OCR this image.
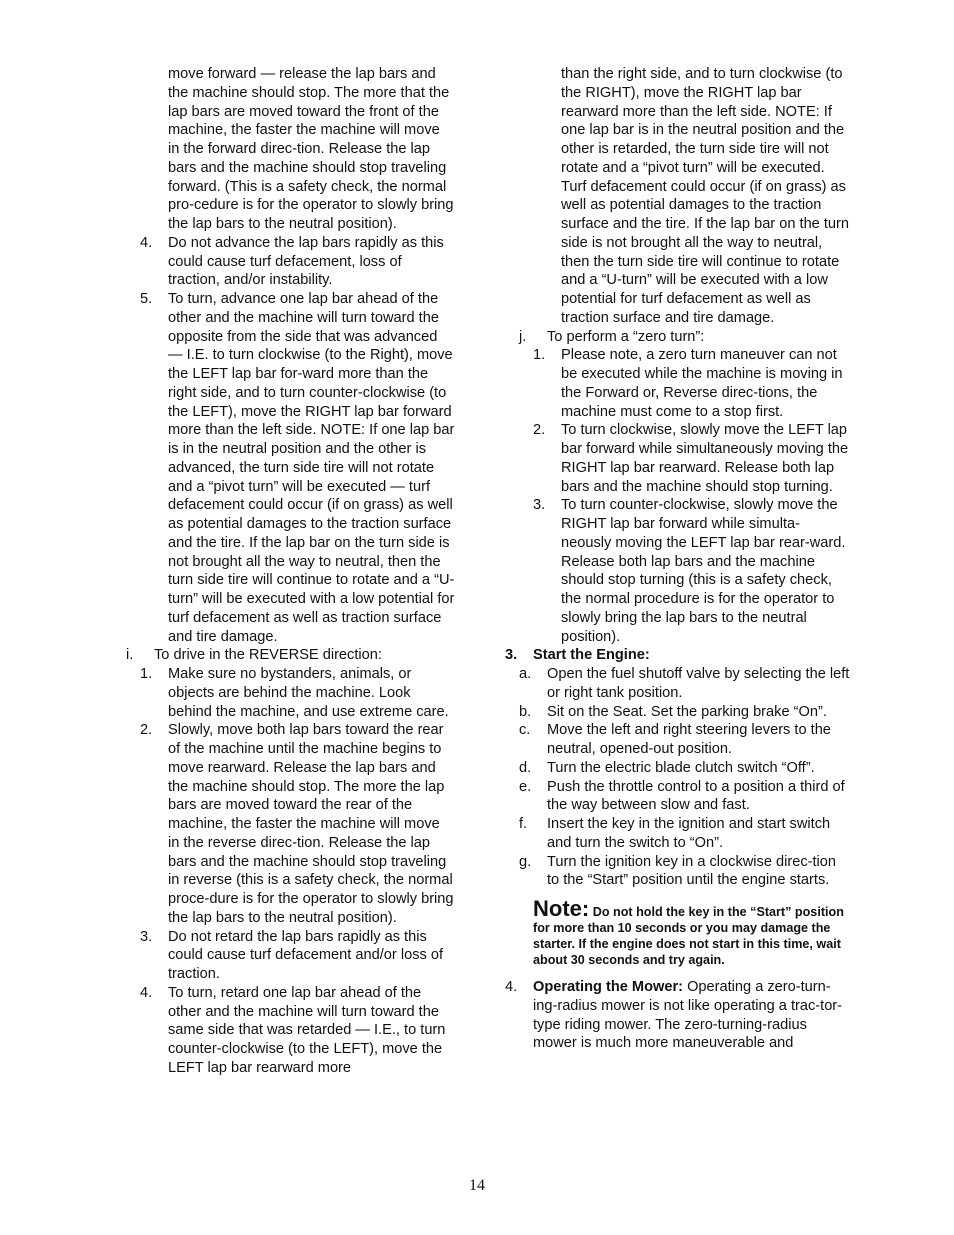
move forward — release the lap bars and the machine should stop. The more that the lap bars are moved toward the front of the machine, the faster the machine will move in the forward direc-tion. Release the lap bars and the machine should stop traveling forward. (This is a safety check, the normal pro-cedure is for the operator to slowly bring the lap bars to the neutral position).

4. Do not advance the lap bars rapidly as this could cause turf defacement, loss of traction, and/or instability.

5. To turn, advance one lap bar ahead of the other and the machine will turn toward the opposite from the side that was advanced — I.E. to turn clockwise (to the Right), move the LEFT lap bar for-ward more than the right side, and to turn counter-clockwise (to the LEFT), move the RIGHT lap bar forward more than the left side. NOTE: If one lap bar is in the neutral position and the other is advanced, the turn side tire will not rotate and a “pivot turn” will be executed — turf defacement could occur (if on grass) as well as potential damages to the traction surface and the tire. If the lap bar on the turn side is not brought all the way to neutral, then the turn side tire will continue to rotate and a “U-turn” will be executed with a low potential for turf defacement as well as traction surface and tire damage.

i. To drive in the REVERSE direction:

1. Make sure no bystanders, animals, or objects are behind the machine. Look behind the machine, and use extreme care.

2. Slowly, move both lap bars toward the rear of the machine until the machine begins to move rearward. Release the lap bars and the machine should stop. The more the lap bars are moved toward the rear of the machine, the faster the machine will move in the reverse direc-tion. Release the lap bars and the machine should stop traveling in reverse (this is a safety check, the normal proce-dure is for the operator to slowly bring the lap bars to the neutral position).

3. Do not retard the lap bars rapidly as this could cause turf defacement and/or loss of traction.

4. To turn, retard one lap bar ahead of the other and the machine will turn toward the same side that was retarded — I.E., to turn counter-clockwise (to the LEFT), move the LEFT lap bar rearward more

than the right side, and to turn clockwise (to the RIGHT), move the RIGHT lap bar rearward more than the left side. NOTE: If one lap bar is in the neutral position and the other is retarded, the turn side tire will not rotate and a “pivot turn” will be executed. Turf defacement could occur (if on grass) as well as potential damages to the traction surface and the tire. If the lap bar on the turn side is not brought all the way to neutral, then the turn side tire will continue to rotate and a “U-turn” will be executed with a low potential for turf defacement as well as traction surface and tire damage.

j. To perform a “zero turn”:

1. Please note, a zero turn maneuver can not be executed while the machine is moving in the Forward or, Reverse direc-tions, the machine must come to a stop first.

2. To turn clockwise, slowly move the LEFT lap bar forward while simultaneously moving the RIGHT lap bar rearward. Release both lap bars and the machine should stop turning.

3. To turn counter-clockwise, slowly move the RIGHT lap bar forward while simulta-neously moving the LEFT lap bar rear-ward. Release both lap bars and the machine should stop turning (this is a safety check, the normal procedure is for the operator to slowly bring the lap bars to the neutral position).

3. Start the Engine:

a. Open the fuel shutoff valve by selecting the left or right tank position.

b. Sit on the Seat. Set the parking brake “On”.

c. Move the left and right steering levers to the neutral, opened-out position.

d. Turn the electric blade clutch switch “Off”.

e. Push the throttle control to a position a third of the way between slow and fast.

f. Insert the key in the ignition and start switch and turn the switch to “On”.

g. Turn the ignition key in a clockwise direc-tion to the “Start” position until the engine starts.

Note: Do not hold the key in the “Start” position for more than 10 seconds or you may damage the starter. If the engine does not start in this time, wait about 30 seconds and try again.

4. Operating the Mower: Operating a zero-turn-ing-radius mower is not like operating a trac-tor-type riding mower. The zero-turning-radius mower is much more maneuverable and

14
